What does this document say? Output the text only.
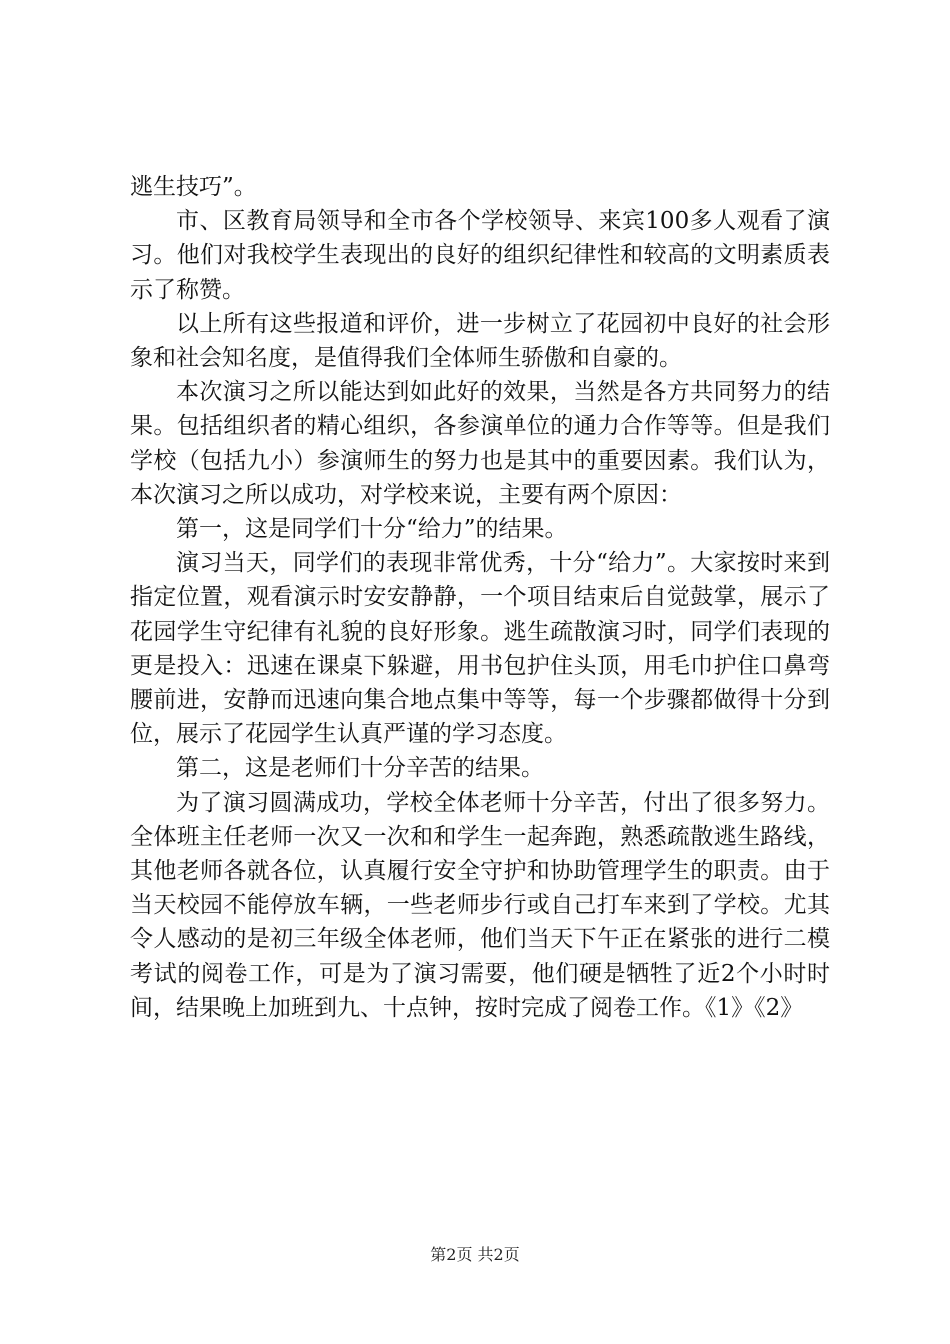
逃生技巧”。

市、区教育局领导和全市各个学校领导、来宾100多人观看了演习。他们对我校学生表现出的良好的组织纪律性和较高的文明素质表示了称赞。

以上所有这些报道和评价，进一步树立了花园初中良好的社会形象和社会知名度，是值得我们全体师生骄傲和自豪的。

本次演习之所以能达到如此好的效果，当然是各方共同努力的结果。包括组织者的精心组织，各参演单位的通力合作等等。但是我们学校（包括九小）参演师生的努力也是其中的重要因素。我们认为，本次演习之所以成功，对学校来说，主要有两个原因：

第一，这是同学们十分“给力”的结果。

演习当天，同学们的表现非常优秀，十分“给力”。大家按时来到指定位置，观看演示时安安静静，一个项目结束后自觉鼓掌，展示了花园学生守纪律有礼貌的良好形象。逃生疏散演习时，同学们表现的更是投入：迅速在课桌下躲避，用书包护住头顶，用毛巾护住口鼻弯腰前进，安静而迅速向集合地点集中等等，每一个步骤都做得十分到位，展示了花园学生认真严谨的学习态度。

第二，这是老师们十分辛苦的结果。

为了演习圆满成功，学校全体老师十分辛苦，付出了很多努力。全体班主任老师一次又一次和和学生一起奔跑，熟悉疏散逃生路线，其他老师各就各位，认真履行安全守护和协助管理学生的职责。由于当天校园不能停放车辆，一些老师步行或自己打车来到了学校。尤其令人感动的是初三年级全体老师，他们当天下午正在紧张的进行二模考试的阅卷工作，可是为了演习需要，他们硬是牺牲了近2个小时时间，结果晚上加班到九、十点钟，按时完成了阅卷工作。《1》《2》

第2页 共2页
